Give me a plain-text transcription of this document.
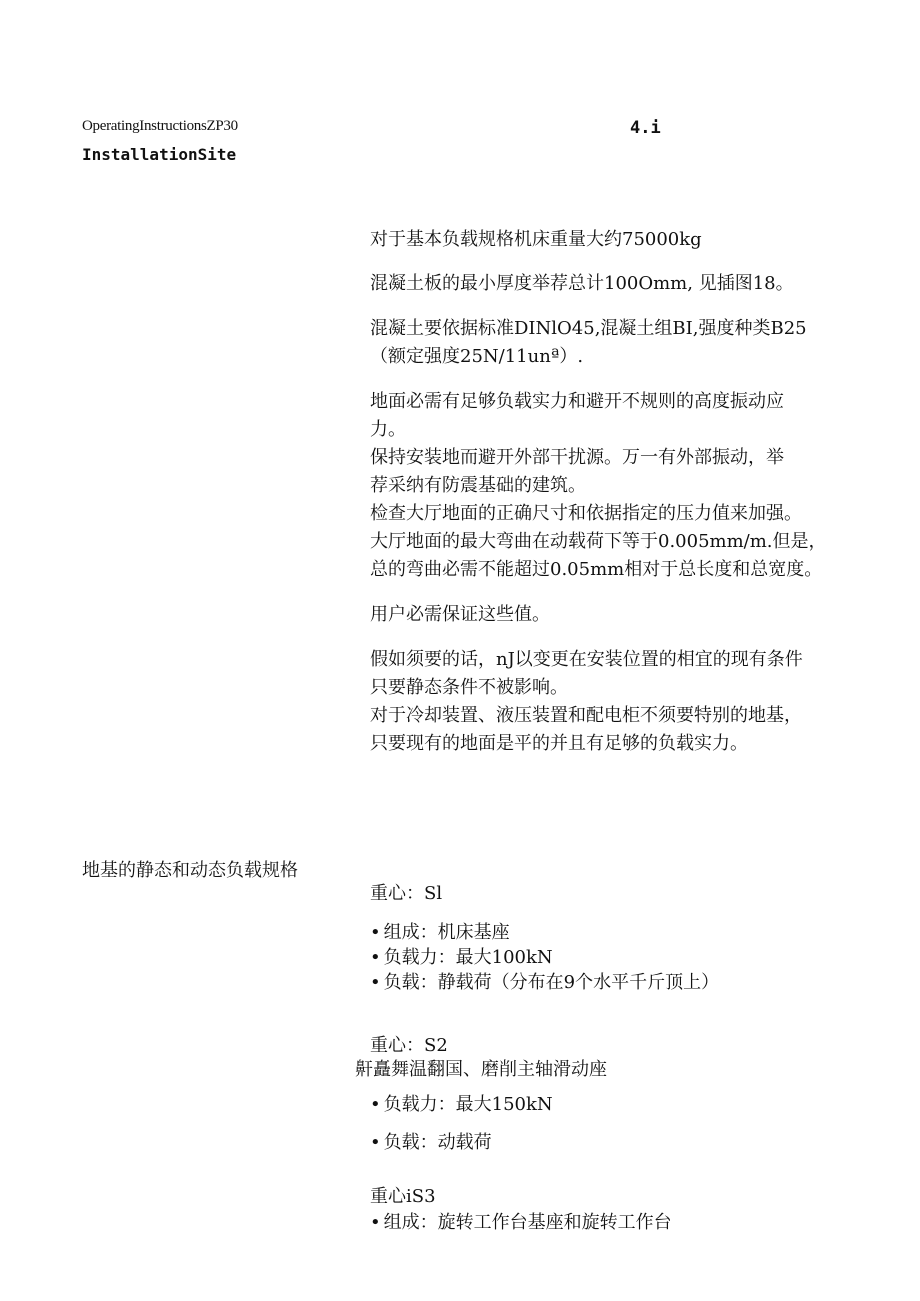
OperatingInstructionsZP30
InstallationSite
4.i
对于基本负载规格机床重量大约75000kg
混凝土板的最小厚度举荐总计100Omm, 见插图18。
混凝土要依据标准DINlO45,混凝土组BI,强度种类B25
（额定强度25N/11unª）.
地面必需有足够负载实力和避开不规则的高度振动应
力。
保持安装地而避开外部干扰源。万一有外部振动，举
荐采纳有防震基础的建筑。
检查大厅地面的正确尺寸和依据指定的压力值来加强。
大厅地面的最大弯曲在动载荷下等于0.005mm/m.但是，
总的弯曲必需不能超过0.05mm相对于总长度和总宽度。
用户必需保证这些值。
假如须要的话，nJ以变更在安装位置的相宜的现有条件
只要静态条件不被影响。
对于冷却装置、液压装置和配电柜不须要特别的地基，
只要现有的地面是平的并且有足够的负载实力。
地基的静态和动态负载规格
重心：Sl
• 组成：机床基座
• 负载力：最大100kN
• 负载：静载荷（分布在9个水平千斤顶上）
重心：S2
鼾矗舞温翻国、磨削主轴滑动座
• 负载力：最大150kN
• 负载：动载荷
重心iS3
• 组成：旋转工作台基座和旋转工作台
